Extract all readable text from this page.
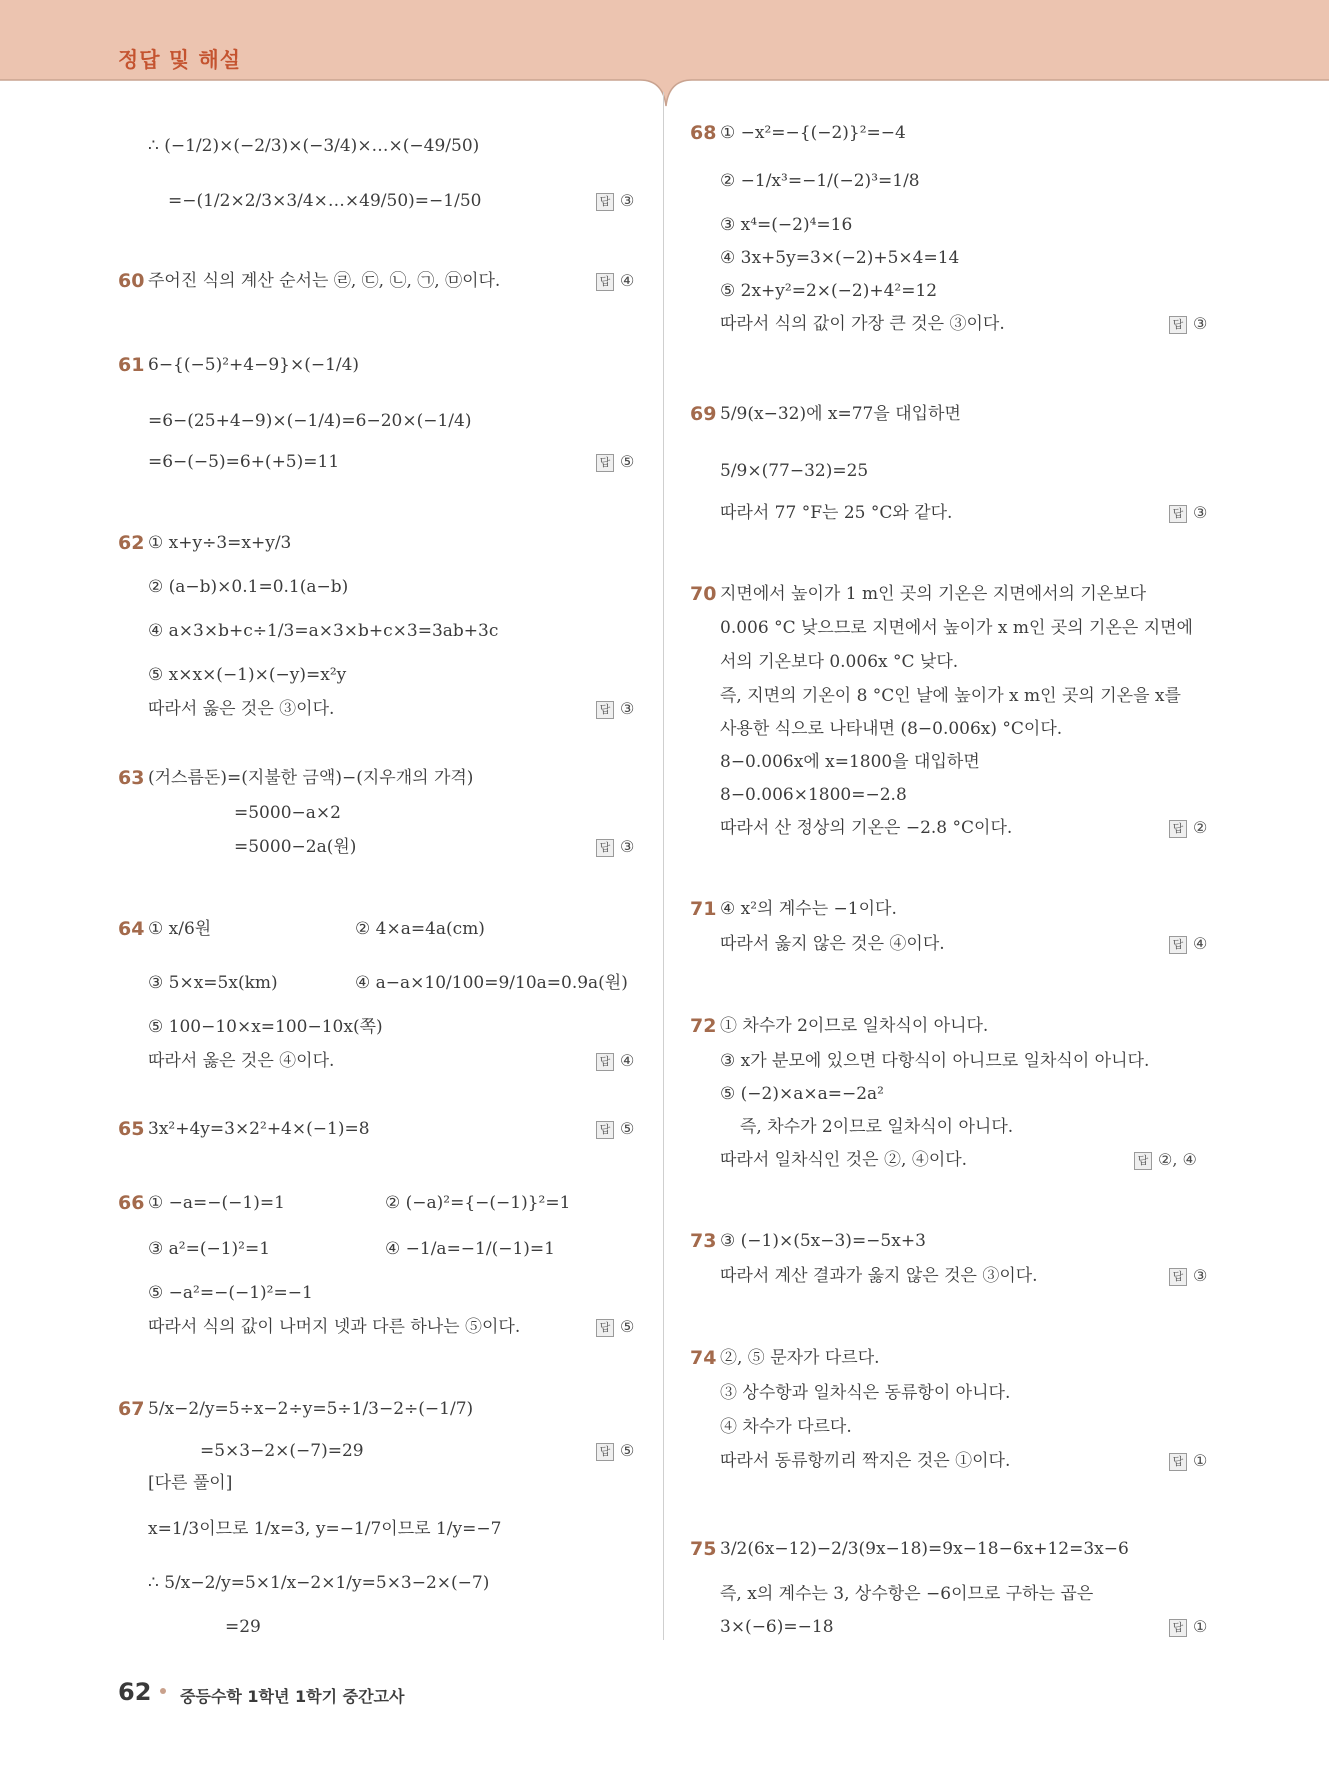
정답 및 해설
∴ (−1/2)×(−2/3)×(−3/4)×…×(−49/50)
=−(1/2×2/3×3/4×…×49/50)=−1/50	답 ③
60 주어진 식의 계산 순서는 ㉣, ㉢, ㉡, ㉠, ㉤이다.	답 ④
61 6−{(−5)²+4−9}×(−1/4)
=6−(25+4−9)×(−1/4)=6−20×(−1/4)
=6−(−5)=6+(+5)=11	답 ⑤
62 ① x+y÷3=x+y/3
② (a−b)×0.1=0.1(a−b)
④ a×3×b+c÷1/3=a×3×b+c×3=3ab+3c
⑤ x×x×(−1)×(−y)=x²y
따라서 옳은 것은 ③이다.	답 ③
63 (거스름돈)=(지불한 금액)−(지우개의 가격)
=5000−a×2
=5000−2a(원)	답 ③
64 ① x/6원	② 4×a=4a(cm)
③ 5×x=5x(km)	④ a−a×10/100=9/10a=0.9a(원)
⑤ 100−10×x=100−10x(쪽)
따라서 옳은 것은 ④이다.	답 ④
65 3x²+4y=3×2²+4×(−1)=8	답 ⑤
66 ① −a=−(−1)=1	② (−a)²={−(−1)}²=1
③ a²=(−1)²=1	④ −1/a=−1/(−1)=1
⑤ −a²=−(−1)²=−1
따라서 식의 값이 나머지 넷과 다른 하나는 ⑤이다.	답 ⑤
67 5/x−2/y=5÷x−2÷y=5÷1/3−2÷(−1/7)
=5×3−2×(−7)=29	답 ⑤
[다른 풀이]
x=1/3이므로 1/x=3, y=−1/7이므로 1/y=−7
∴ 5/x−2/y=5×1/x−2×1/y=5×3−2×(−7)
=29
68 ① −x²=−{(−2)}²=−4
② −1/x³=−1/(−2)³=1/8
③ x⁴=(−2)⁴=16
④ 3x+5y=3×(−2)+5×4=14
⑤ 2x+y²=2×(−2)+4²=12
따라서 식의 값이 가장 큰 것은 ③이다.	답 ③
69 5/9(x−32)에 x=77을 대입하면
5/9×(77−32)=25
따라서 77 °F는 25 °C와 같다.	답 ③
70 지면에서 높이가 1 m인 곳의 기온은 지면에서의 기온보다
0.006 °C 낮으므로 지면에서 높이가 x m인 곳의 기온은 지면에
서의 기온보다 0.006x °C 낮다.
즉, 지면의 기온이 8 °C인 날에 높이가 x m인 곳의 기온을 x를
사용한 식으로 나타내면 (8−0.006x) °C이다.
8−0.006x에 x=1800을 대입하면
8−0.006×1800=−2.8
따라서 산 정상의 기온은 −2.8 °C이다.	답 ②
71 ④ x²의 계수는 −1이다.
따라서 옳지 않은 것은 ④이다.	답 ④
72 ① 차수가 2이므로 일차식이 아니다.
③ x가 분모에 있으면 다항식이 아니므로 일차식이 아니다.
⑤ (−2)×a×a=−2a²
즉, 차수가 2이므로 일차식이 아니다.
따라서 일차식인 것은 ②, ④이다.	답 ②, ④
73 ③ (−1)×(5x−3)=−5x+3
따라서 계산 결과가 옳지 않은 것은 ③이다.	답 ③
74 ②, ⑤ 문자가 다르다.
③ 상수항과 일차식은 동류항이 아니다.
④ 차수가 다르다.
따라서 동류항끼리 짝지은 것은 ①이다.	답 ①
75 3/2(6x−12)−2/3(9x−18)=9x−18−6x+12=3x−6
즉, x의 계수는 3, 상수항은 −6이므로 구하는 곱은
3×(−6)=−18	답 ①
62 중등수학 1학년 1학기 중간고사
